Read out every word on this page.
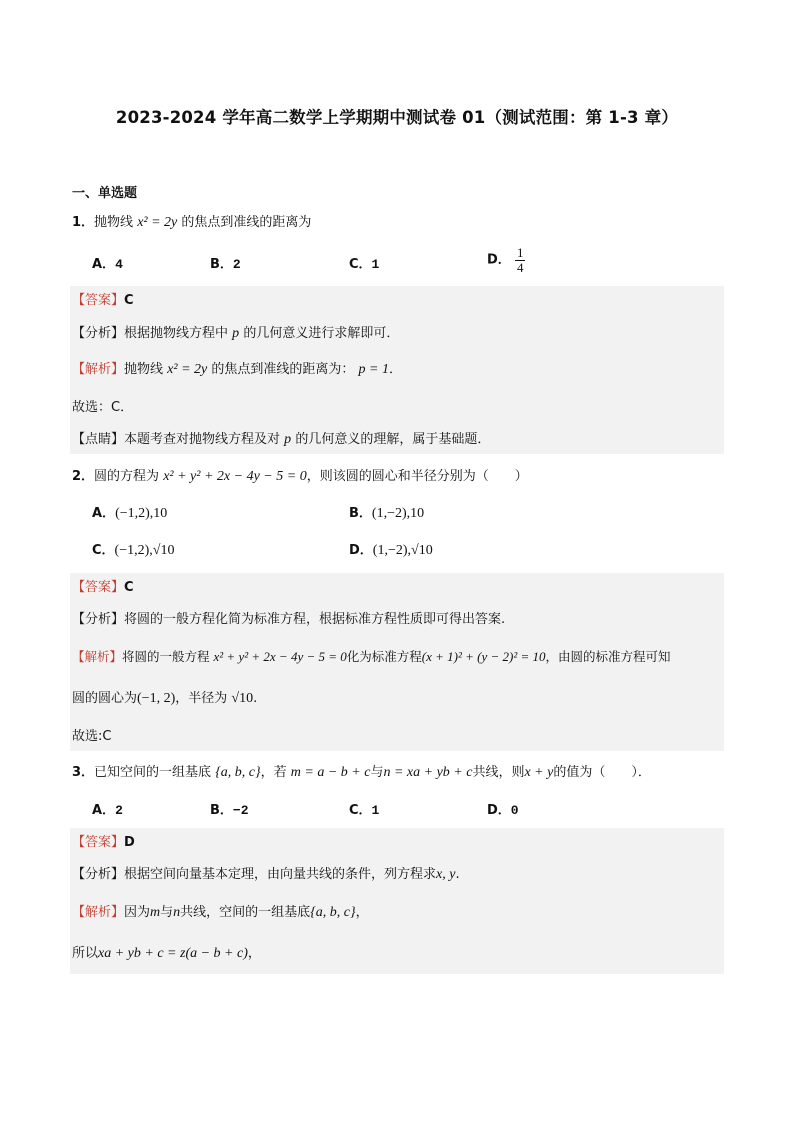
2023-2024 学年高二数学上学期期中测试卷 01（测试范围：第 1-3 章）
一、单选题
1．抛物线 x² = 2y 的焦点到准线的距离为
A．4	B．2	C．1	D． $\frac{1}{4}$
【答案】C
【分析】根据抛物线方程中 p 的几何意义进行求解即可．
【解析】抛物线 x² = 2y 的焦点到准线的距离为： p = 1．
故选：C．
【点睛】本题考查对抛物线方程及对 p 的几何意义的理解，属于基础题．
2．圆的方程为 x² + y² + 2x − 4y − 5 = 0，则该圆的圆心和半径分别为（　　）
A．(−1,2),10	B．(1,−2),10
C．(−1,2),√10	D．(1,−2),√10
【答案】C
【分析】将圆的一般方程化简为标准方程，根据标准方程性质即可得出答案.
【解析】将圆的一般方程 x² + y² + 2x − 4y − 5 = 0化为标准方程(x + 1)² + (y − 2)² = 10，由圆的标准方程可知
圆的圆心为(−1, 2)，半径为 √10.
故选:C
3．已知空间的一组基底 {a, b, c}，若 m = a − b + c与n = xa + yb + c共线，则x + y的值为（　　）．
A．2	B．−2	C．1	D．0
【答案】D
【分析】根据空间向量基本定理，由向量共线的条件，列方程求x, y.
【解析】因为m与n共线，空间的一组基底{a, b, c}，
所以xa + yb + c = z(a − b + c)，
